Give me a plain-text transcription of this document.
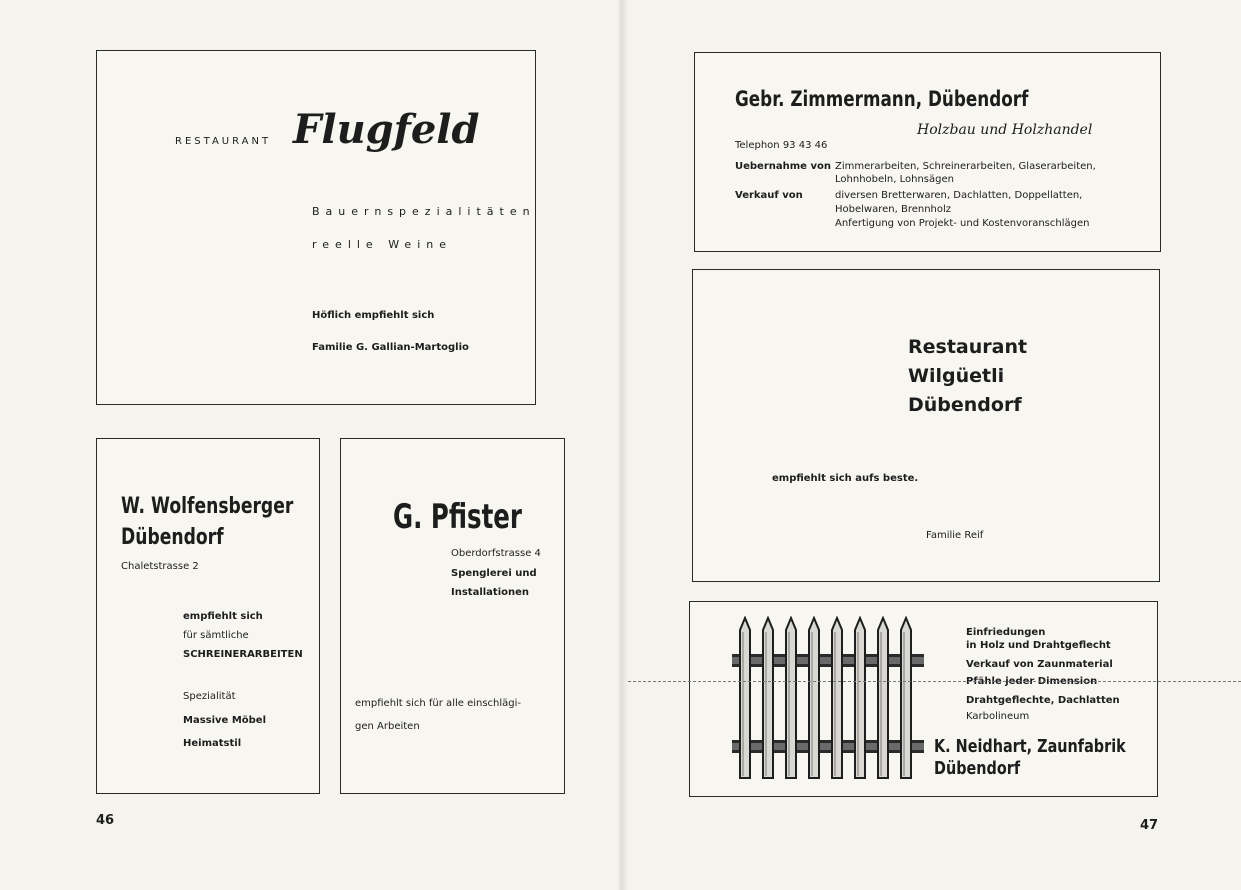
RESTAURANT Flugfeld
Bauernspezialitäten
reelle Weine
Höflich empfiehlt sich
Familie G. Gallian-Martoglio
W. Wolfensberger
Dübendorf
Chaletstrasse 2
empfiehlt sich
für sämtliche
SCHREINERARBEITEN
Spezialität
Massive Möbel
Heimatstil
G. Pfister
Oberdorfstrasse 4
Spenglerei und
Installationen
empfiehlt sich für alle einschlägi-
gen Arbeiten
46
Gebr. Zimmermann, Dübendorf
Holzbau und Holzhandel
Telephon 93 43 46
Uebernahme von Zimmerarbeiten, Schreinerarbeiten, Glaserarbeiten,
Lohnhobeln, Lohnsägen
Verkauf von	diversen Bretterwaren, Dachlatten, Doppellatten,
Hobelwaren, Brennholz
Anfertigung von Projekt- und Kostenvoranschlägen
Restaurant
Wilgüetli
Dübendorf
empfiehlt sich aufs beste.
Familie Reif
Einfriedungen
in Holz und Drahtgeflecht
Verkauf von Zaunmaterial
Pfähle jeder Dimension
Drahtgeflechte, Dachlatten
Karbolineum
K. Neidhart, Zaunfabrik
Dübendorf
47
